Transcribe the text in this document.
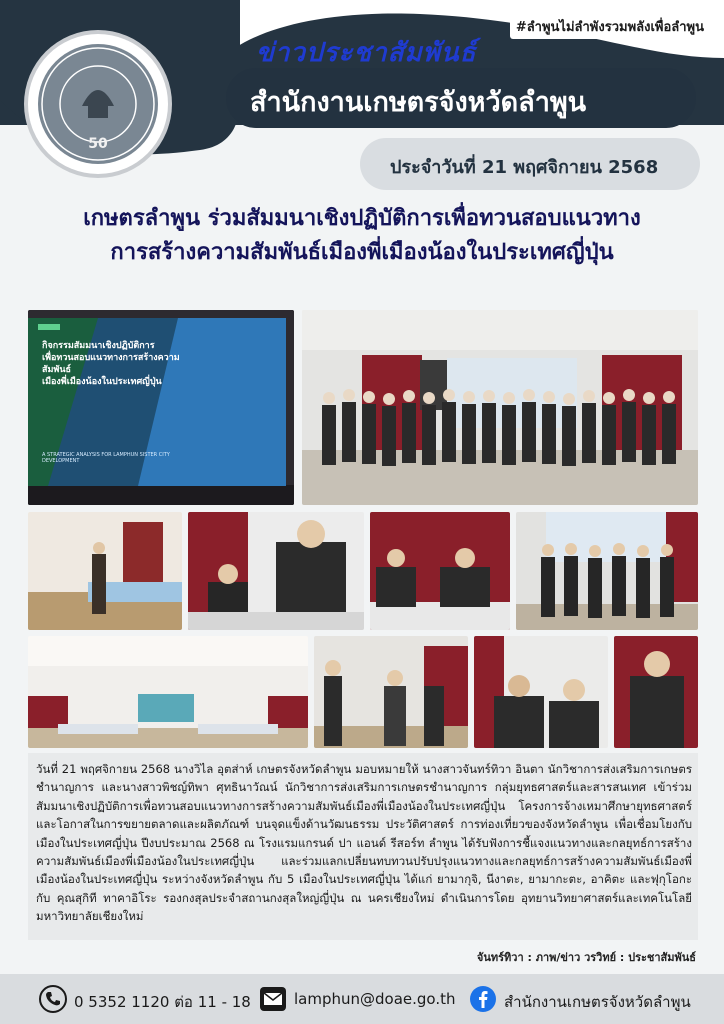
#ลำพูนไม่ลำพังรวมพลังเพื่อลำพูน
ข่าวประชาสัมพันธ์
สำนักงานเกษตรจังหวัดลำพูน
ประจำวันที่ 21 พฤศจิกายน 2568
50
เกษตรลำพูน ร่วมสัมมนาเชิงปฏิบัติการเพื่อทวนสอบแนวทาง
การสร้างความสัมพันธ์เมืองพี่เมืองน้องในประเทศญี่ปุ่น
กิจกรรมสัมมนาเชิงปฏิบัติการ
เพื่อทวนสอบแนวทางการสร้างความสัมพันธ์
เมืองพี่เมืองน้องในประเทศญี่ปุ่น
A STRATEGIC ANALYSIS FOR LAMPHUN SISTER CITY DEVELOPMENT
วันที่ 21 พฤศจิกายน 2568 นางวิไล อุตส่าห์ เกษตรจังหวัดลำพูน มอบหมายให้ นางสาวจันทร์ทิวา อินตา นักวิชาการส่งเสริมการเกษตรชำนาญการ และนางสาวพิชญ์ทิพา ศุทธินาวัณน์ นักวิชาการส่งเสริมการเกษตรชำนาญการ กลุ่มยุทธศาสตร์และสารสนเทศ เข้าร่วมสัมมนาเชิงปฏิบัติการเพื่อทวนสอบแนวทางการสร้างความสัมพันธ์เมืองพี่เมืองน้องในประเทศญี่ปุ่น โครงการจ้างเหมาศึกษายุทธศาสตร์และโอกาสในการขยายตลาดและผลิตภัณฑ์ บนจุดแข็งด้านวัฒนธรรม ประวัติศาสตร์ การท่องเที่ยวของจังหวัดลำพูน เพื่อเชื่อมโยงกับเมืองในประเทศญี่ปุ่น ปีงบประมาณ 2568 ณ โรงแรมแกรนด์ ปา แอนด์ รีสอร์ท ลำพูน ได้รับฟังการชี้แจงแนวทางและกลยุทธ์การสร้างความสัมพันธ์เมืองพี่เมืองน้องในประเทศญี่ปุ่น และร่วมแลกเปลี่ยนทบทวนปรับปรุงแนวทางและกลยุทธ์การสร้างความสัมพันธ์เมืองพี่เมืองน้องในประเทศญี่ปุ่น ระหว่างจังหวัดลำพูน กับ 5 เมืองในประเทศญี่ปุ่น ได้แก่ ยามากุจิ, นีงาตะ, ยามากะตะ, อาคิตะ และฟุกุโอกะ กับ คุณสุกิที ทาคาอิโระ รองกงสุลประจำสถานกงสุลใหญ่ญี่ปุ่น ณ นครเชียงใหม่ ดำเนินการโดย อุทยานวิทยาศาสตร์และเทคโนโลยี มหาวิทยาลัยเชียงใหม่
จันทร์ทิวา : ภาพ/ข่าว วรวิทย์ : ประชาสัมพันธ์
0 5352 1120 ต่อ 11 - 18	lamphun@doae.go.th	สำนักงานเกษตรจังหวัดลำพูน
